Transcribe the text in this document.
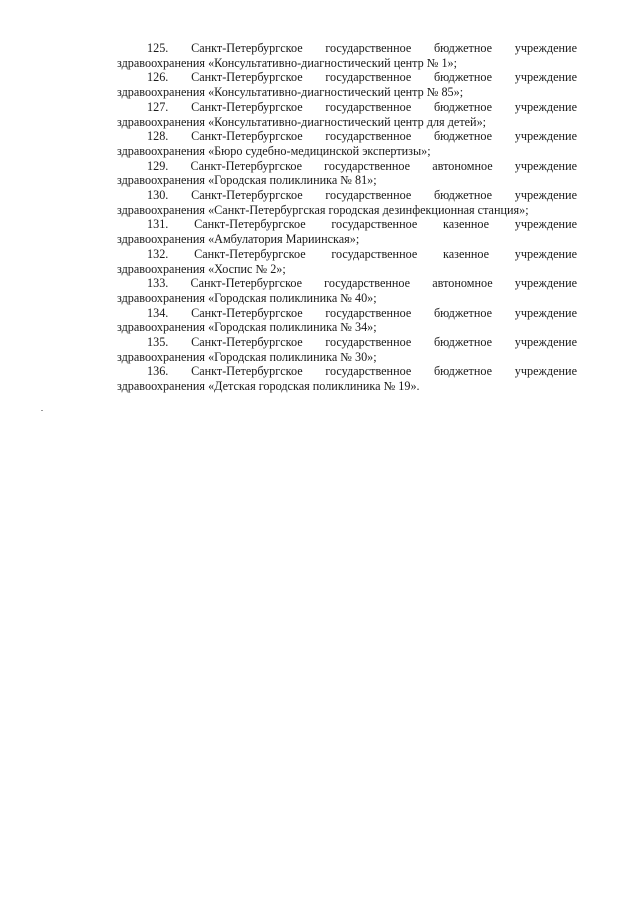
125. Санкт-Петербургское государственное бюджетное учреждение здравоохранения «Консультативно-диагностический центр № 1»;

126. Санкт-Петербургское государственное бюджетное учреждение здравоохранения «Консультативно-диагностический центр № 85»;

127. Санкт-Петербургское государственное бюджетное учреждение здравоохранения «Консультативно-диагностический центр для детей»;

128. Санкт-Петербургское государственное бюджетное учреждение здравоохранения «Бюро судебно-медицинской экспертизы»;

129. Санкт-Петербургское государственное автономное учреждение здравоохранения «Городская поликлиника № 81»;

130. Санкт-Петербургское государственное бюджетное учреждение здравоохранения «Санкт-Петербургская городская дезинфекционная станция»;

131. Санкт-Петербургское государственное казенное учреждение здравоохранения «Амбулатория Мариинская»;

132. Санкт-Петербургское государственное казенное учреждение здравоохранения «Хоспис № 2»;

133. Санкт-Петербургское государственное автономное учреждение здравоохранения «Городская поликлиника № 40»;

134. Санкт-Петербургское государственное бюджетное учреждение здравоохранения «Городская поликлиника № 34»;

135. Санкт-Петербургское государственное бюджетное учреждение здравоохранения «Городская поликлиника № 30»;

136. Санкт-Петербургское государственное бюджетное учреждение здравоохранения «Детская городская поликлиника № 19».
